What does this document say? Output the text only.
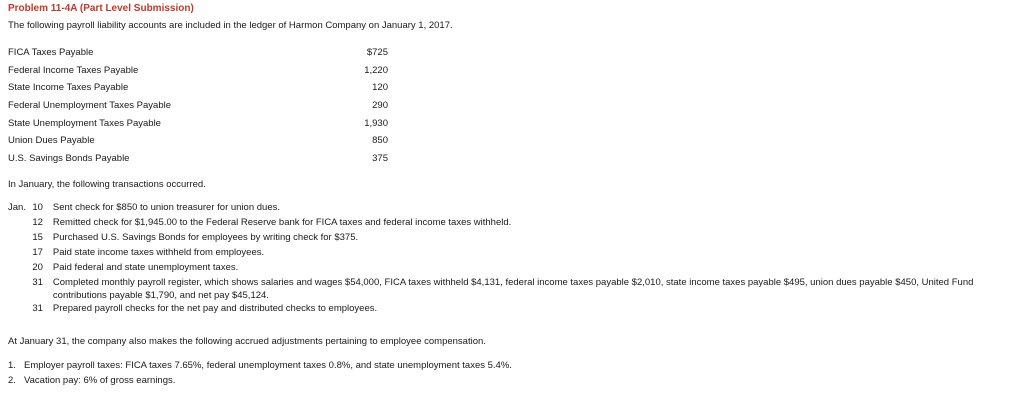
Problem 11-4A (Part Level Submission)
The following payroll liability accounts are included in the ledger of Harmon Company on January 1, 2017.
FICA Taxes Payable	$725
Federal Income Taxes Payable	1,220
State Income Taxes Payable	120
Federal Unemployment Taxes Payable	290
State Unemployment Taxes Payable	1,930
Union Dues Payable	850
U.S. Savings Bonds Payable	375
In January, the following transactions occurred.
Jan. 10 Sent check for $850 to union treasurer for union dues.
12 Remitted check for $1,945.00 to the Federal Reserve bank for FICA taxes and federal income taxes withheld.
15 Purchased U.S. Savings Bonds for employees by writing check for $375.
17 Paid state income taxes withheld from employees.
20 Paid federal and state unemployment taxes.
31 Completed monthly payroll register, which shows salaries and wages $54,000, FICA taxes withheld $4,131, federal income taxes payable $2,010, state income taxes payable $495, union dues payable $450, United Fund contributions payable $1,790, and net pay $45,124.
31 Prepared payroll checks for the net pay and distributed checks to employees.
At January 31, the company also makes the following accrued adjustments pertaining to employee compensation.
1. Employer payroll taxes: FICA taxes 7.65%, federal unemployment taxes 0.8%, and state unemployment taxes 5.4%.
2. Vacation pay: 6% of gross earnings.
